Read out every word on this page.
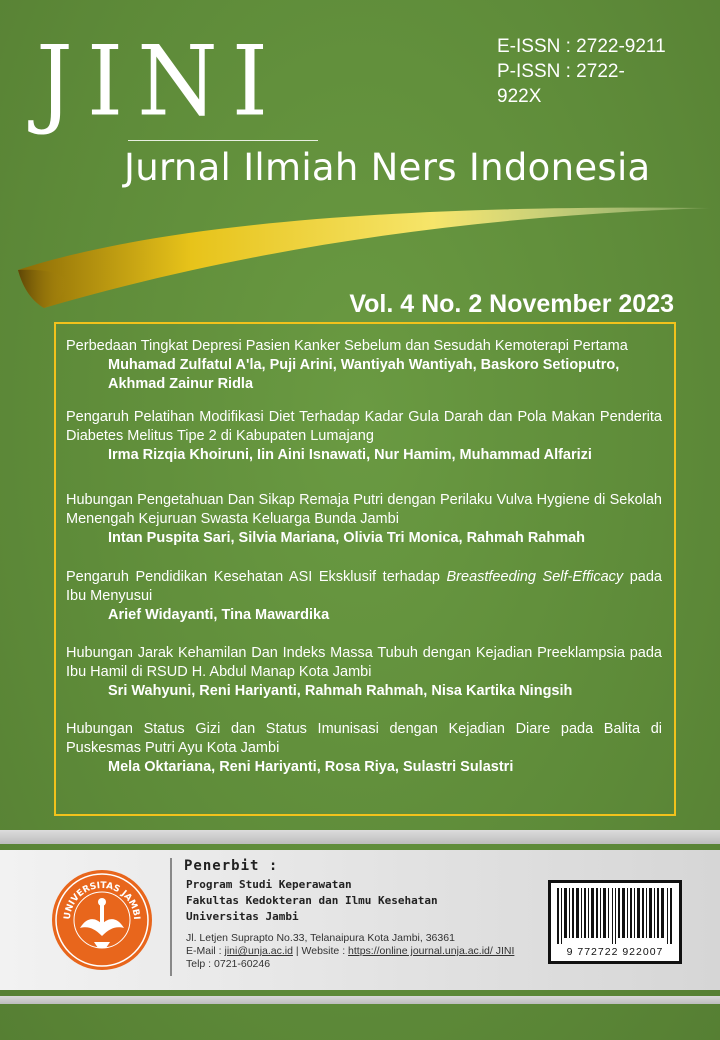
JINI
Jurnal Ilmiah Ners Indonesia
E-ISSN : 2722-9211
P-ISSN : 2722-
922X
Vol. 4 No. 2 November 2023
Perbedaan Tingkat Depresi Pasien Kanker Sebelum dan Sesudah Kemoterapi Pertama
Muhamad Zulfatul A'la, Puji Arini, Wantiyah Wantiyah, Baskoro Setioputro, Akhmad Zainur Ridla
Pengaruh Pelatihan Modifikasi Diet Terhadap Kadar Gula Darah dan Pola Makan Penderita Diabetes Melitus Tipe 2 di Kabupaten Lumajang
Irma Rizqia Khoiruni, Iin Aini Isnawati, Nur Hamim, Muhammad Alfarizi
Hubungan Pengetahuan Dan Sikap Remaja Putri dengan Perilaku Vulva Hygiene di Sekolah Menengah Kejuruan Swasta Keluarga Bunda Jambi
Intan Puspita Sari, Silvia Mariana, Olivia Tri Monica, Rahmah Rahmah
Pengaruh Pendidikan Kesehatan ASI Eksklusif terhadap Breastfeeding Self-Efficacy pada Ibu Menyusui
Arief Widayanti, Tina Mawardika
Hubungan Jarak Kehamilan Dan Indeks Massa Tubuh dengan Kejadian Preeklampsia pada Ibu Hamil di RSUD H. Abdul Manap Kota Jambi
Sri Wahyuni, Reni Hariyanti, Rahmah Rahmah, Nisa Kartika Ningsih
Hubungan Status Gizi dan Status Imunisasi dengan Kejadian Diare pada Balita di Puskesmas Putri Ayu Kota Jambi
Mela Oktariana, Reni Hariyanti, Rosa Riya, Sulastri Sulastri
UNIVERSITAS JAMBI
Penerbit :
Program Studi Keperawatan
Fakultas Kedokteran dan Ilmu Kesehatan
Universitas Jambi
Jl. Letjen Suprapto No.33, Telanaipura Kota Jambi, 36361
E-Mail : jini@unja.ac.id | Website : https://online journal.unja.ac.id/ JINI
Telp : 0721-60246
9 772722 922007
